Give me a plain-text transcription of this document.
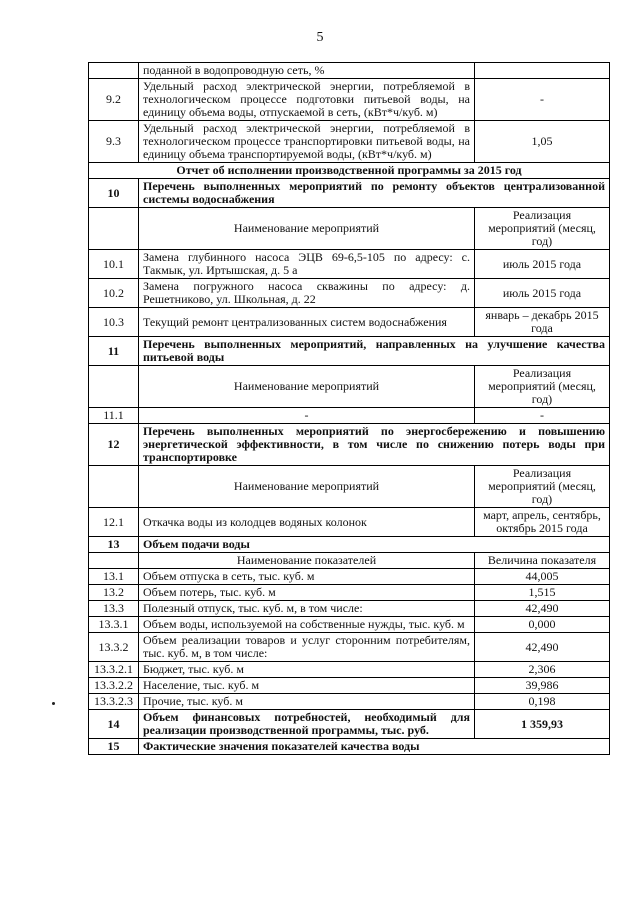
5
	поданной в водопроводную сеть, %	
9.2	Удельный расход электрической энергии, потребляемой в технологическом процессе подготовки питьевой воды, на единицу объема воды, отпускаемой в сеть, (кВт*ч/куб. м)	-
9.3	Удельный расход электрической энергии, потребляемой в технологическом процессе транспортировки питьевой воды, на единицу объема транспортируемой воды, (кВт*ч/куб. м)	1,05
Отчет об исполнении производственной программы за 2015 год		
10	Перечень выполненных мероприятий по ремонту объектов централизованной системы водоснабжения	
	Наименование мероприятий	Реализация мероприятий (месяц, год)
10.1	Замена глубинного насоса ЭЦВ 69-6,5-105 по адресу: с. Такмык, ул. Иртышская, д. 5 а	июль 2015 года
10.2	Замена погружного насоса скважины по адресу: д. Решетниково, ул. Школьная, д. 22	июль 2015 года
10.3	Текущий ремонт централизованных систем водоснабжения	январь – декабрь 2015 года
11	Перечень выполненных мероприятий, направленных на улучшение качества питьевой воды	
	Наименование мероприятий	Реализация мероприятий (месяц, год)
11.1	-	-
12	Перечень выполненных мероприятий по энергосбережению и повышению энергетической эффективности, в том числе по снижению потерь воды при транспортировке	
	Наименование мероприятий	Реализация мероприятий (месяц, год)
12.1	Откачка воды из колодцев водяных колонок	март, апрель, сентябрь, октябрь 2015 года
13	Объем подачи воды	
	Наименование показателей	Величина показателя
13.1	Объем отпуска в сеть, тыс. куб. м	44,005
13.2	Объем потерь, тыс. куб. м	1,515
13.3	Полезный отпуск, тыс. куб. м, в том числе:	42,490
13.3.1	Объем воды, используемой на собственные нужды, тыс. куб. м	0,000
13.3.2	Объем реализации товаров и услуг сторонним потребителям, тыс. куб. м, в том числе:	42,490
13.3.2.1	Бюджет, тыс. куб. м	2,306
13.3.2.2	Население, тыс. куб. м	39,986
13.3.2.3	Прочие, тыс. куб. м	0,198
14	Объем финансовых потребностей, необходимый для реализации производственной программы, тыс. руб.	1 359,93
15	Фактические значения показателей качества воды	
